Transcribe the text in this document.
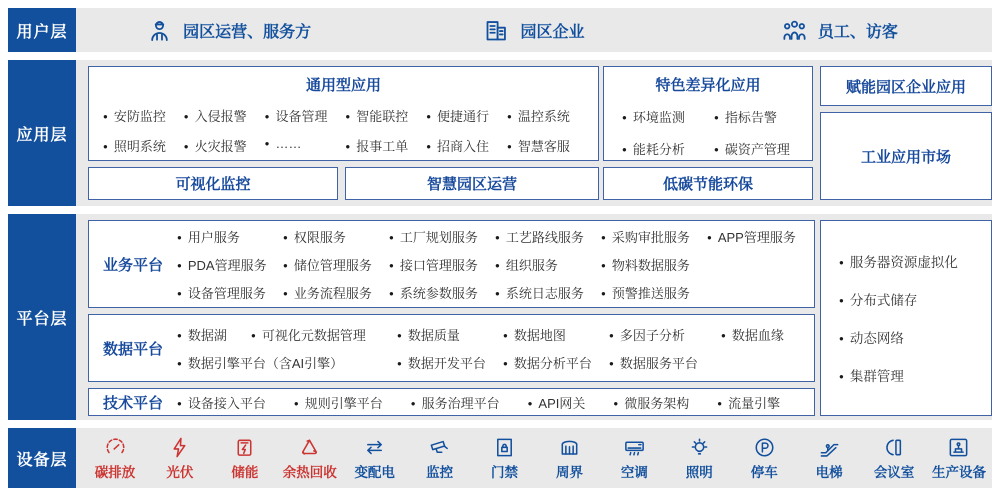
用户层	园区运营、服务方	园区企业	员工、访客
应用层
通用型应用
● 安防监控	● 入侵报警	● 设备管理	● 智能联控	● 便捷通行	● 温控系统
● 照明系统	● 火灾报警	● ……	● 报事工单	● 招商入住	● 智慧客服
特色差异化应用
● 环境监测	● 指标告警
● 能耗分析	● 碳资产管理
赋能园区企业应用
工业应用市场
可视化监控	智慧园区运营	低碳节能环保
平台层
业务平台
● 用户服务	● 权限服务	● 工厂规划服务	● 工艺路线服务	● 采购审批服务	● APP管理服务
● PDA管理服务	● 储位管理服务	● 接口管理服务	● 组织服务	● 物料数据服务
● 设备管理服务	● 业务流程服务	● 系统参数服务	● 系统日志服务	● 预警推送服务
数据平台
● 数据湖	● 可视化元数据管理	● 数据质量	● 数据地图	● 多因子分析	● 数据血缘
● 数据引擎平台（含AI引擎）	● 数据开发平台	● 数据分析平台	● 数据服务平台
技术平台	● 设备接入平台	● 规则引擎平台	● 服务治理平台	● API网关	● 微服务架构	● 流量引擎
● 服务器资源虚拟化
● 分布式储存
● 动态网络
● 集群管理
设备层
碳排放 光伏	储能 余热回收 变配电 监控	门禁	周界	空调	照明	停车	电梯 会议室 生产设备
